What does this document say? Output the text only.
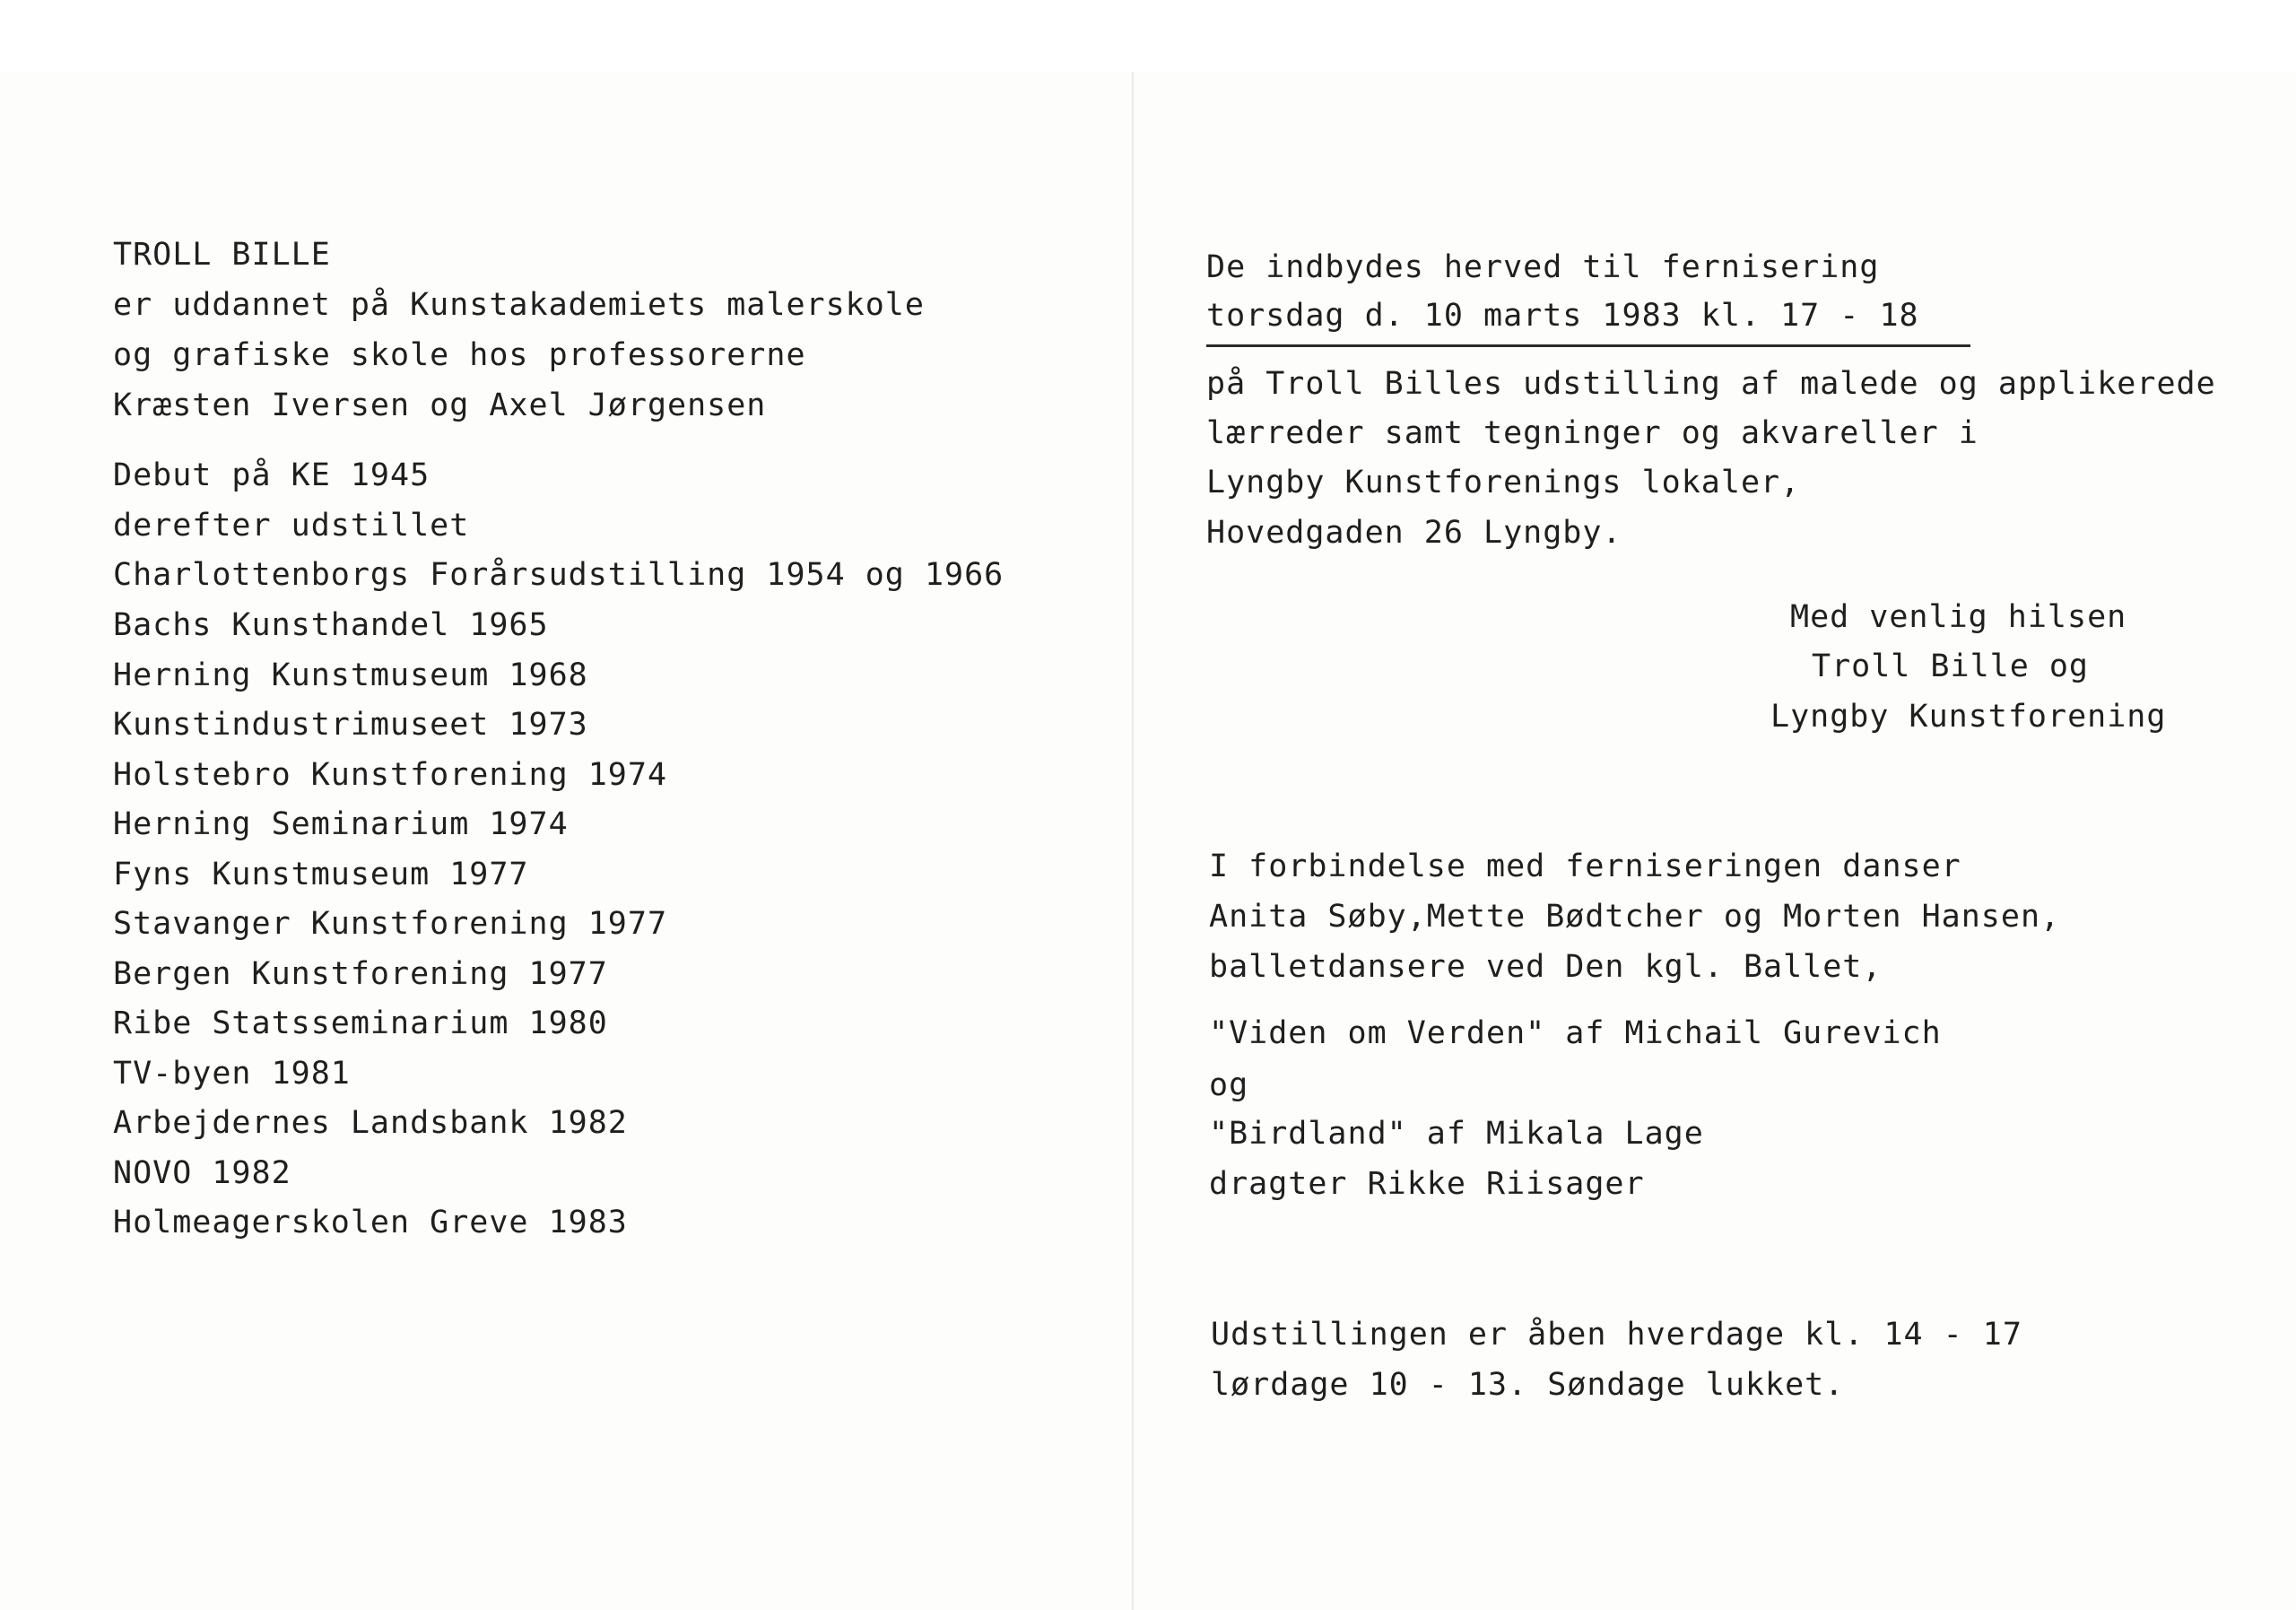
TROLL BILLE
er uddannet på Kunstakademiets malerskole
og grafiske skole hos professorerne
Kræsten Iversen og Axel Jørgensen
Debut på KE 1945
derefter udstillet
Charlottenborgs Forårsudstilling 1954 og 1966
Bachs Kunsthandel 1965
Herning Kunstmuseum 1968
Kunstindustrimuseet 1973
Holstebro Kunstforening 1974
Herning Seminarium 1974
Fyns Kunstmuseum 1977
Stavanger Kunstforening 1977
Bergen Kunstforening 1977
Ribe Statsseminarium 1980
TV-byen 1981
Arbejdernes Landsbank 1982
NOVO 1982
Holmeagerskolen Greve 1983
De indbydes herved til fernisering
torsdag d. 10 marts 1983 kl. 17 - 18
på Troll Billes udstilling af malede og applikerede
lærreder samt tegninger og akvareller i
Lyngby Kunstforenings lokaler,
Hovedgaden 26 Lyngby.
Med venlig hilsen
Troll Bille og
Lyngby Kunstforening
I forbindelse med ferniseringen danser
Anita Søby,Mette Bødtcher og Morten Hansen,
balletdansere ved Den kgl. Ballet,
"Viden om Verden" af Michail Gurevich
og
"Birdland" af Mikala Lage
dragter Rikke Riisager
Udstillingen er åben hverdage kl. 14 - 17
lørdage 10 - 13. Søndage lukket.
